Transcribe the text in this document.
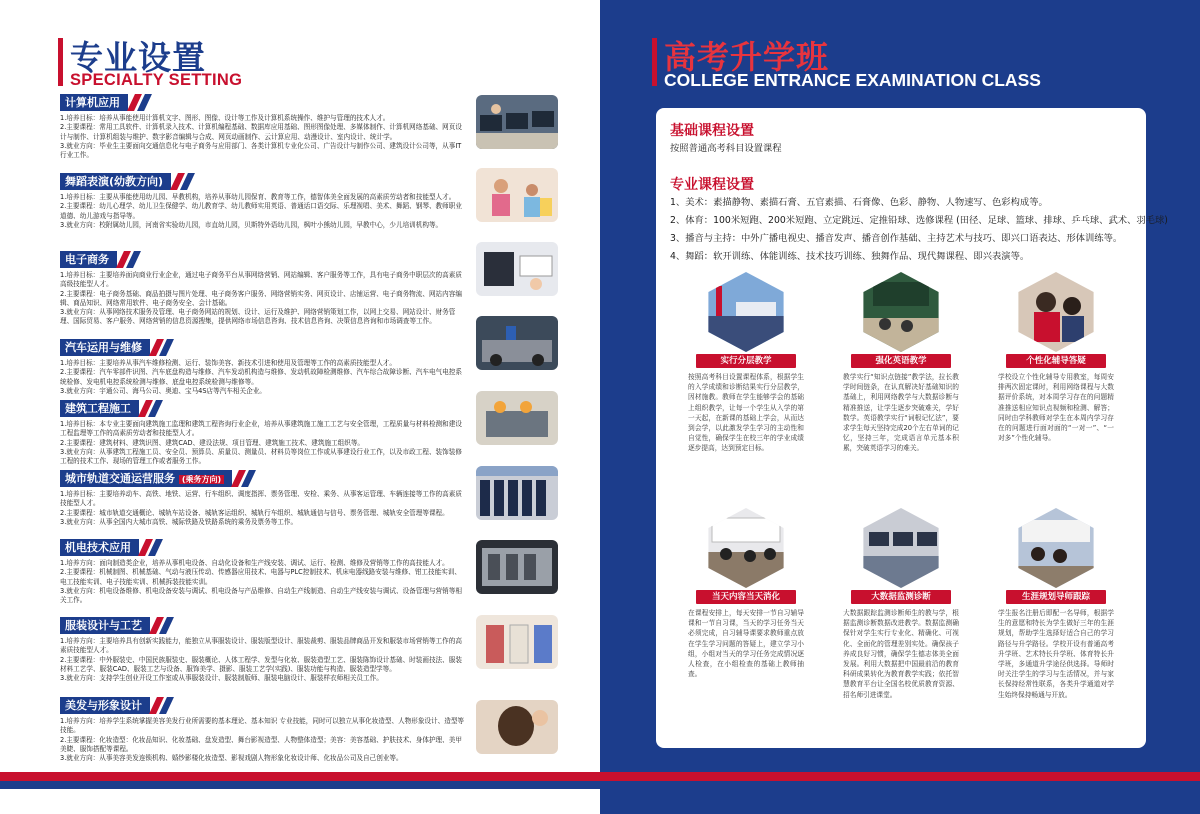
专业设置
SPECIALTY SETTING
计算机应用

1.培养目标：培养从事能使用计算机文字、图形、图像、设计等工作及计算机系统操作、维护与管理的技术人才。

2.主要课程：常用工具软件、计算机录入技术、计算机编程基础、数据库应用基础、图形图像处理、多媒体制作、计算机网络基础、网页设计与制作、计算机组装与维护、数字影音编辑与合成、网页动画制作、云计算应用、动漫设计、室内设计、统计学。

3.就业方向：毕业生主要面向交通信息化与电子商务与应用部门、各类计算机专业化公司、广告设计与制作公司、建筑设计公司等，从事IT行业工作。

舞蹈表演(幼教方向)

1.培养目标：主要从事能使用幼儿园、早教机构，培养从事幼儿园保育、教育等工作，德智体美全面发展的高素质劳动者和技能型人才。

2.主要课程：幼儿心理学、幼儿卫生保健学、幼儿教育学、幼儿教师实用英语、普通话口语交际、乐理视唱、美术、舞蹈、钢琴、教师职业道德、幼儿游戏与指导等。

3.就业方向：校附属幼儿园，河南省实验幼儿园，市直幼儿园，贝斯特外语幼儿园，枫叶小熊幼儿园，早教中心，少儿培训机构等。

电子商务

1.培养目标：主要培养面向商业行业企业，通过电子商务平台从事网络营销、网站编辑、客户服务等工作，具有电子商务中职层次的高素质高级技能型人才。

2.主要课程：电子商务基础、商品拍摄与图片处理、电子商务客户服务、网络营销实务、网页设计、店铺运营、电子商务物流、网站内容编辑、商品知识、网络常用软件、电子商务安全、会计基础。

3.就业方向：从事网络技术服务及管理、电子商务网站的规划、设计、运行及维护、网络营销策划工作，以网上交易、网站设计、财务管理、国际贸易、客户服务、网络营销的信息资源搜集，提供网络市场信息咨询、技术信息咨询、决策信息咨询和市场调查等工作。

汽车运用与维修

1.培养目标：主要培养从事汽车维修检测、运行、装饰美容、新技术引进和使用及管理等工作的高素质技能型人才。

2.主要课程：汽车零部件识图、汽车底盘构造与维修、汽车发动机构造与维修、发动机故障检测维修、汽车综合故障诊断、汽车电气电控系统检修、发电机电控系统检测与维修、底盘电控系统检测与维修等。

3.就业方向：宇通公司、海马公司、奥迪、宝马4S店等汽车相关企业。

建筑工程施工

1.培养目标：本专业主要面向建筑施工监理和建筑工程咨询行业企业，培养从事建筑施工施工工艺与安全管理，工程质量与材料检测和建设工程监理等工作的高素质劳动者和技能型人才。

2.主要课程：建筑材料、建筑识图、建筑CAD、建设法规、项目管理、建筑施工技术、建筑施工组织等。

3.就业方向：从事建筑工程施工员、安全员、预算员、质量员、测量员、材料员等岗位工作或从事建设行业工作，以及市政工程、装饰装修工程的技术工作、现场的管理工作或者服务工作。

城市轨道交通运营服务 (乘务方向)

1.培养目标：主要培养动车、高铁、地铁、运营、行车组织、调度指挥、票务管理、安检、乘务、从事客运管理、车辆连接等工作的高素质技能型人才。

2.主要课程：城市轨道交通概论、城轨车站设备、城轨客运组织、城轨行车组织、城轨通信与信号、票务管理、城轨安全管理等课程。

3.就业方向：从事全国内大城市高铁、城际铁路及铁路系统的乘务及票务等工作。

机电技术应用

1.培养方向：面向制造类企业，培养从事机电设备、自动化设备和生产线安装、调试、运行、检测、维修及营销等工作的高技能人才。

2.主要课程：机械制图、机械基础、气动与液压传动、传感器应用技术、电器与PLC控制技术、机床电器线路安装与维修、钳工技能实训、电工技能实训、电子技能实训、机械拆装技能实训。

3.就业方向：机电设备维修、机电设备安装与调试、机电设备与产品维修、自动生产线制造、自动生产线安装与调试、设备管理与营销等相关工作。

服装设计与工艺

1.培养方向：主要培养具有创新实践能力，能独立从事服装设计、服装版型设计、服装裁剪、服装品牌商品开发和服装市场营销等工作的高素质技能型人才。

2.主要课程：中外服装史、中国民族服装史、服装概论、人体工程学、发型与化妆、服装造型工艺、服装陈饰设计基础、时装画技法、服装材料工艺学、服装CAD、服装工艺与设备、服饰美学、摄影、服装工艺学(实践)、服装功能与构造、服装造型学等。

3.就业方向：支持学生创业开设工作室或从事服装设计、服装制版师、服装电脑设计、服装样衣师相关员工作。

美发与形象设计

1.培养方向：培养学生系统掌握美容美发行业所需要的基本理论、基本知识 专业技能，同时可以独立从事化妆造型、人物形象设计、造型等技能。

2.主要课程：化妆造型：化妆品知识、化妆基础、盘发造型、舞台影视造型、人物整体造型；美容：美容基础、护肤技术、身体护理、美甲美睫、服饰搭配等课程。

3.就业方向：从事美容美发连锁机构、婚纱影楼化妆造型、影视戏剧人物形象化妆设计师、化妆品公司及自己创业等。

高考升学班
COLLEGE ENTRANCE EXAMINATION CLASS
基础课程设置
按照普通高考科目设置课程
专业课程设置
1、美术：素描静物、素描石膏、五官素描、石膏像、色彩、静物、人物速写、色彩构成等。
2、体育：100米短跑、200米短跑、立定跳远、定推铅球、选修课程 (田径、足球、篮球、排球、乒乓球、武术、羽毛球)
3、播音与主持：中外广播电视史、播音发声、播音创作基础、主持艺术与技巧、即兴口语表达、形体训练等。
4、舞蹈：软开训练、体能训练、技术技巧训练、独舞作品、现代舞课程、即兴表演等。
实行分层教学
按照高考科目设置课程体系，根据学生的入学成绩和诊断结果实行分层教学，因材施教。教师在学生能够学会的基础上组织教学，让每一个学生从入学的第一天起，在新课的基础上学会，从而达到会学，以此激发学生学习的主动性和自觉性，确保学生在校三年的学业成绩逐步提高，达到预定目标。
强化英语教学
教学实行“知识点链接”教学法，拉长教学时间链条，在认真解决好基础知识的基础上，利用网络教学与大数据诊断与精准推送，让学生逐步突破难关，学好数学。英语教学实行“词根记忆法”，要求学生每天坚持完成20个左右单词的记忆，坚持三年，完成语言单元基本积累，突破英语学习的难关。
个性化辅导答疑
学校设立个性化辅导专用教室，每周安排两次固定课时，利用网络课程与大数据评价系统，对本周学习存在的问题精准推送相应知识点视频和检测、解答；同时由学科教师对学生在本周内学习存在的问题进行面对面的“一对一”、“一对多”个性化辅导。
当天内容当天消化
在课程安排上，每天安排一节自习辅导课和一节自习课，当天的学习任务当天必须完成，自习辅导课要求教师重点放在学生学习问题的答疑上，建立学习小组，小组对当天的学习任务完成情况逐人检查，在小组检查的基础上教师抽查。
大数据监测诊断
大数据跟踪监测诊断师生的教与学，根据监测诊断数据改进教学。数据监测确保针对学生实行专业化、精确化、可视化、全面化的管理差别实处。确保孩子养成良好习惯，确保学生德志体美全面发展。利用大数据把中国最前沿的教育科研成果转化为教育教学实践；依托智慧教育平台让全国名校优质教育资源、招名师引进课堂。
生涯规划导师跟踪
学生报名注册后即配一名导师，根据学生的意愿和特长为学生做好三年的生涯规划，帮助学生选择好适合自己的学习路径与升学路径。学校开设有普通高考升学班、艺术特长升学班、体育特长升学班，多通道升学途径供选择。导师时时关注学生的学习与生活情况，并与家长保持经常性联系，各类升学通道对学生始终保持畅通与开放。
